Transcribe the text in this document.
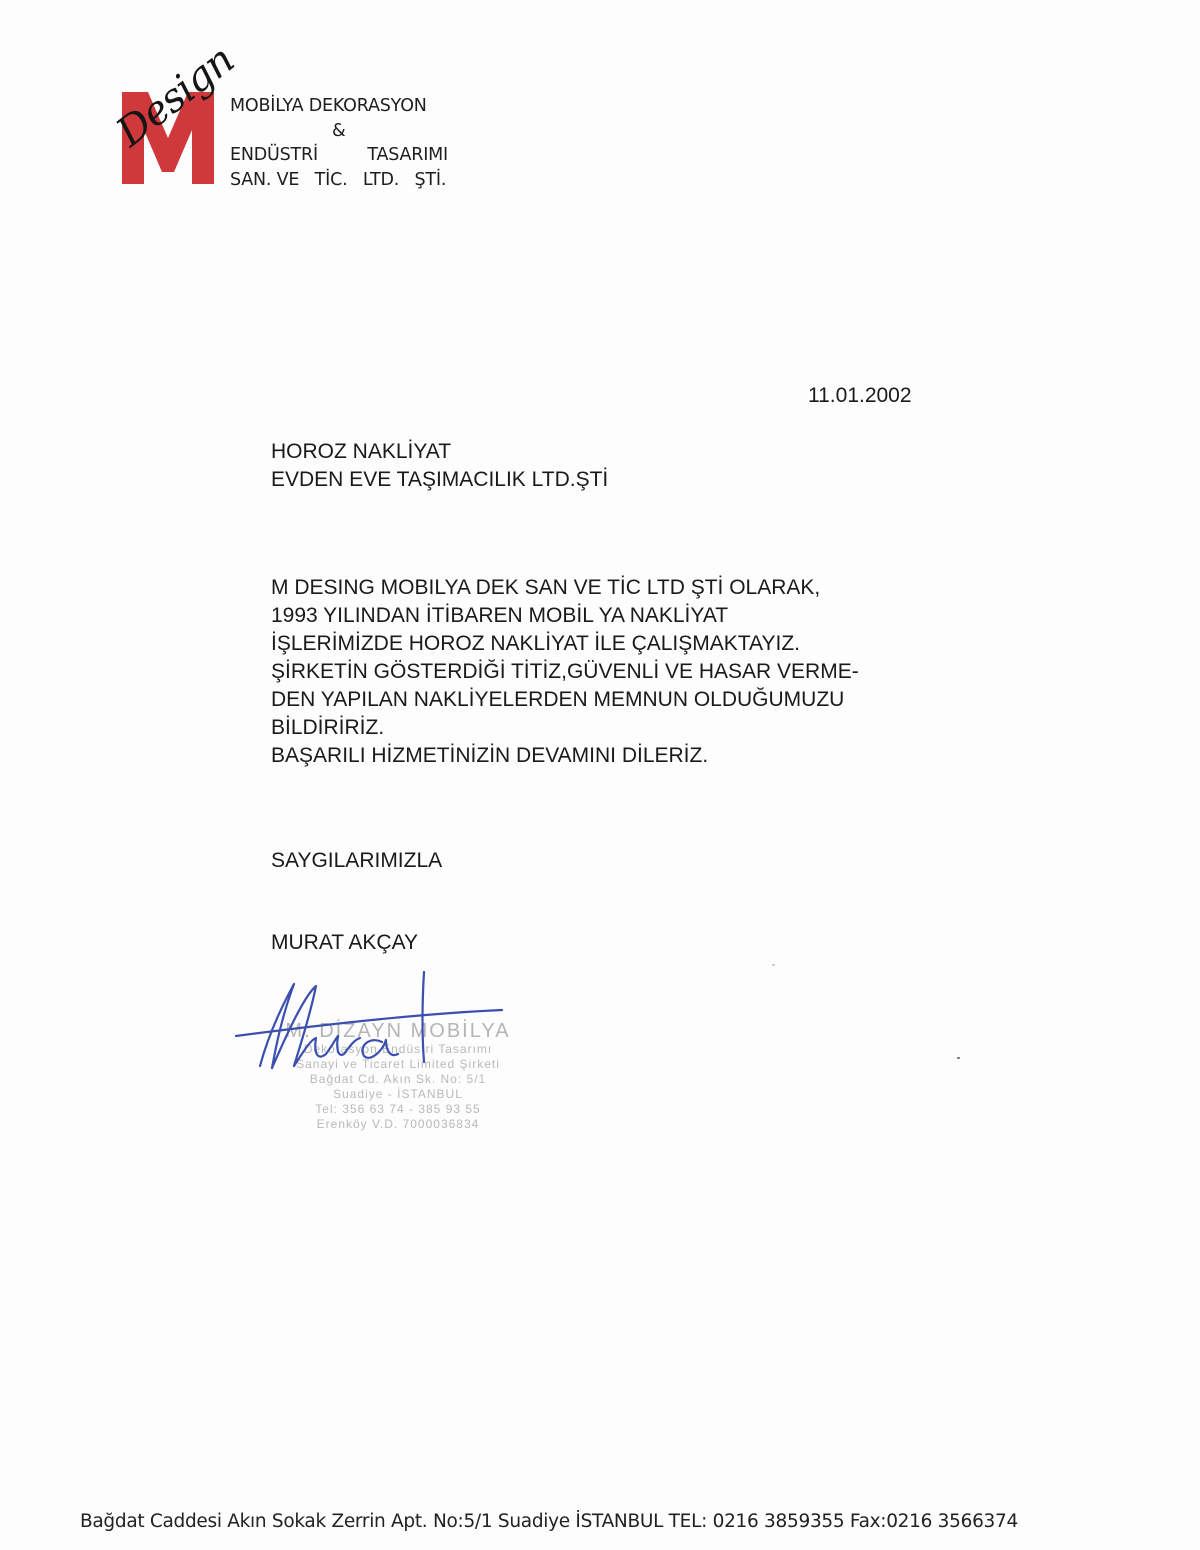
Design
MOBİLYA DEKORASYON
&
ENDÜSTRİ	TASARIMI
SAN. VE TİC. LTD. ŞTİ.
11.01.2002
HOROZ NAKLİYAT
EVDEN EVE TAŞIMACILIK LTD.ŞTİ
M DESING MOBILYA DEK SAN VE TİC LTD ŞTİ OLARAK,
1993 YILINDAN İTİBAREN MOBİL YA NAKLİYAT
İŞLERİMİZDE HOROZ NAKLİYAT İLE ÇALIŞMAKTAYIZ.
ŞİRKETİN GÖSTERDİĞİ TİTİZ,GÜVENLİ VE HASAR VERME-
DEN YAPILAN NAKLİYELERDEN MEMNUN OLDUĞUMUZU
BİLDİRİRİZ.
BAŞARILI HİZMETİNİZİN DEVAMINI DİLERİZ.
SAYGILARIMIZLA
MURAT AKÇAY
M. DİZAYN MOBİLYA
Dekorasyon Endüstri Tasarımı
Sanayi ve Ticaret Limited Şirketi
Bağdat Cd. Akın Sk. No: 5/1
Suadiye - İSTANBUL
Tel: 356 63 74 - 385 93 55
Erenköy V.D. 7000036834
Bağdat Caddesi Akın Sokak Zerrin Apt. No:5/1 Suadiye İSTANBUL TEL: 0216 3859355 Fax:0216 3566374
